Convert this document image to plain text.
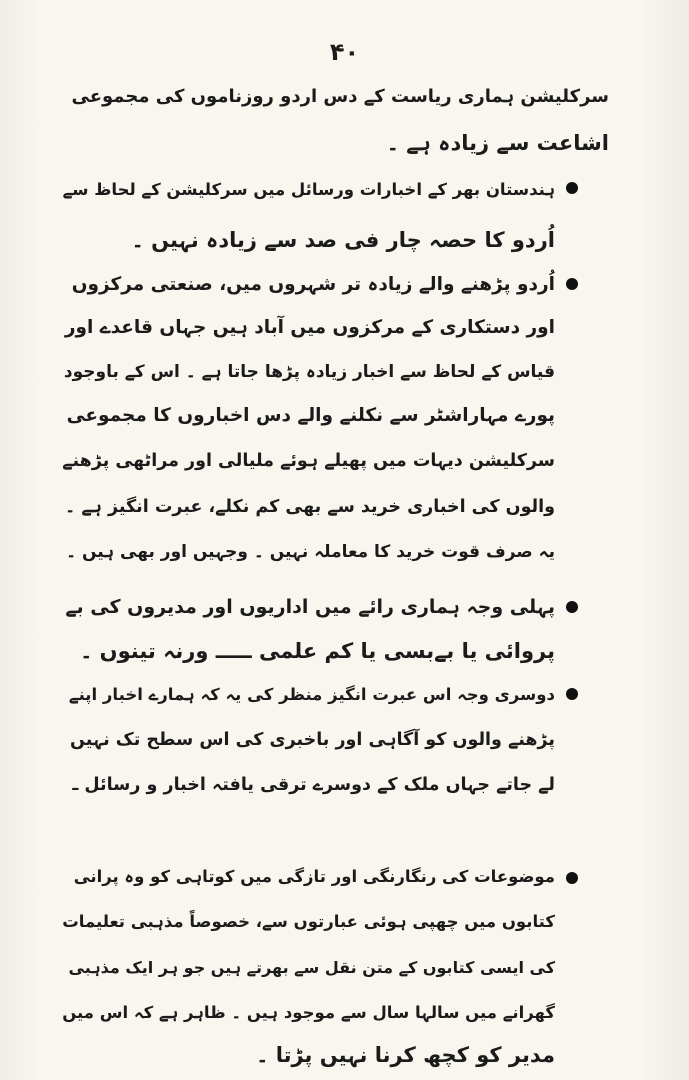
۴۰
سرکلیشن ہماری ریاست کے دس اردو روزناموں کی مجموعی
اشاعت سے زیادہ ہے ۔
ہندستان بھر کے اخبارات ورسائل میں سرکلیشن کے لحاظ سے
اُردو کا حصہ چار فی صد سے زیادہ نہیں ۔
اُردو پڑھنے والے زیادہ تر شہروں میں، صنعتی مرکزوں
اور دستکاری کے مرکزوں میں آباد ہیں جہاں قاعدے اور
قیاس کے لحاظ سے اخبار زیادہ پڑھا جاتا ہے ۔ اس کے باوجود
پورے مہاراشٹر سے نکلنے والے دس اخباروں کا مجموعی
سرکلیشن دیہات میں پھیلے ہوئے ملیالی اور مراٹھی پڑھنے
والوں کی اخباری خرید سے بھی کم نکلے، عبرت انگیز ہے ۔
یہ صرف قوت خرید کا معاملہ نہیں ۔ وجہیں اور بھی ہیں ۔
پہلی وجہ ہماری رائے میں اداریوں اور مدیروں کی بے
پروائی یا بےبسی یا کم علمی ـــــ ورنہ تینوں ۔
دوسری وجہ اس عبرت انگیز منظر کی یہ کہ ہمارے اخبار اپنے
پڑھنے والوں کو آگاہی اور باخبری کی اس سطح تک نہیں
لے جاتے جہاں ملک کے دوسرے ترقی یافتہ اخبار و رسائل ـ
موضوعات کی رنگارنگی اور تازگی میں کوتاہی کو وہ پرانی
کتابوں میں چھپی ہوئی عبارتوں سے، خصوصاً مذہبی تعلیمات
کی ایسی کتابوں کے متن نقل سے بھرتے ہیں جو ہر ایک مذہبی
گھرانے میں سالہا سال سے موجود ہیں ۔ ظاہر ہے کہ اس میں
مدیر کو کچھ کرنا نہیں پڑتا ۔
